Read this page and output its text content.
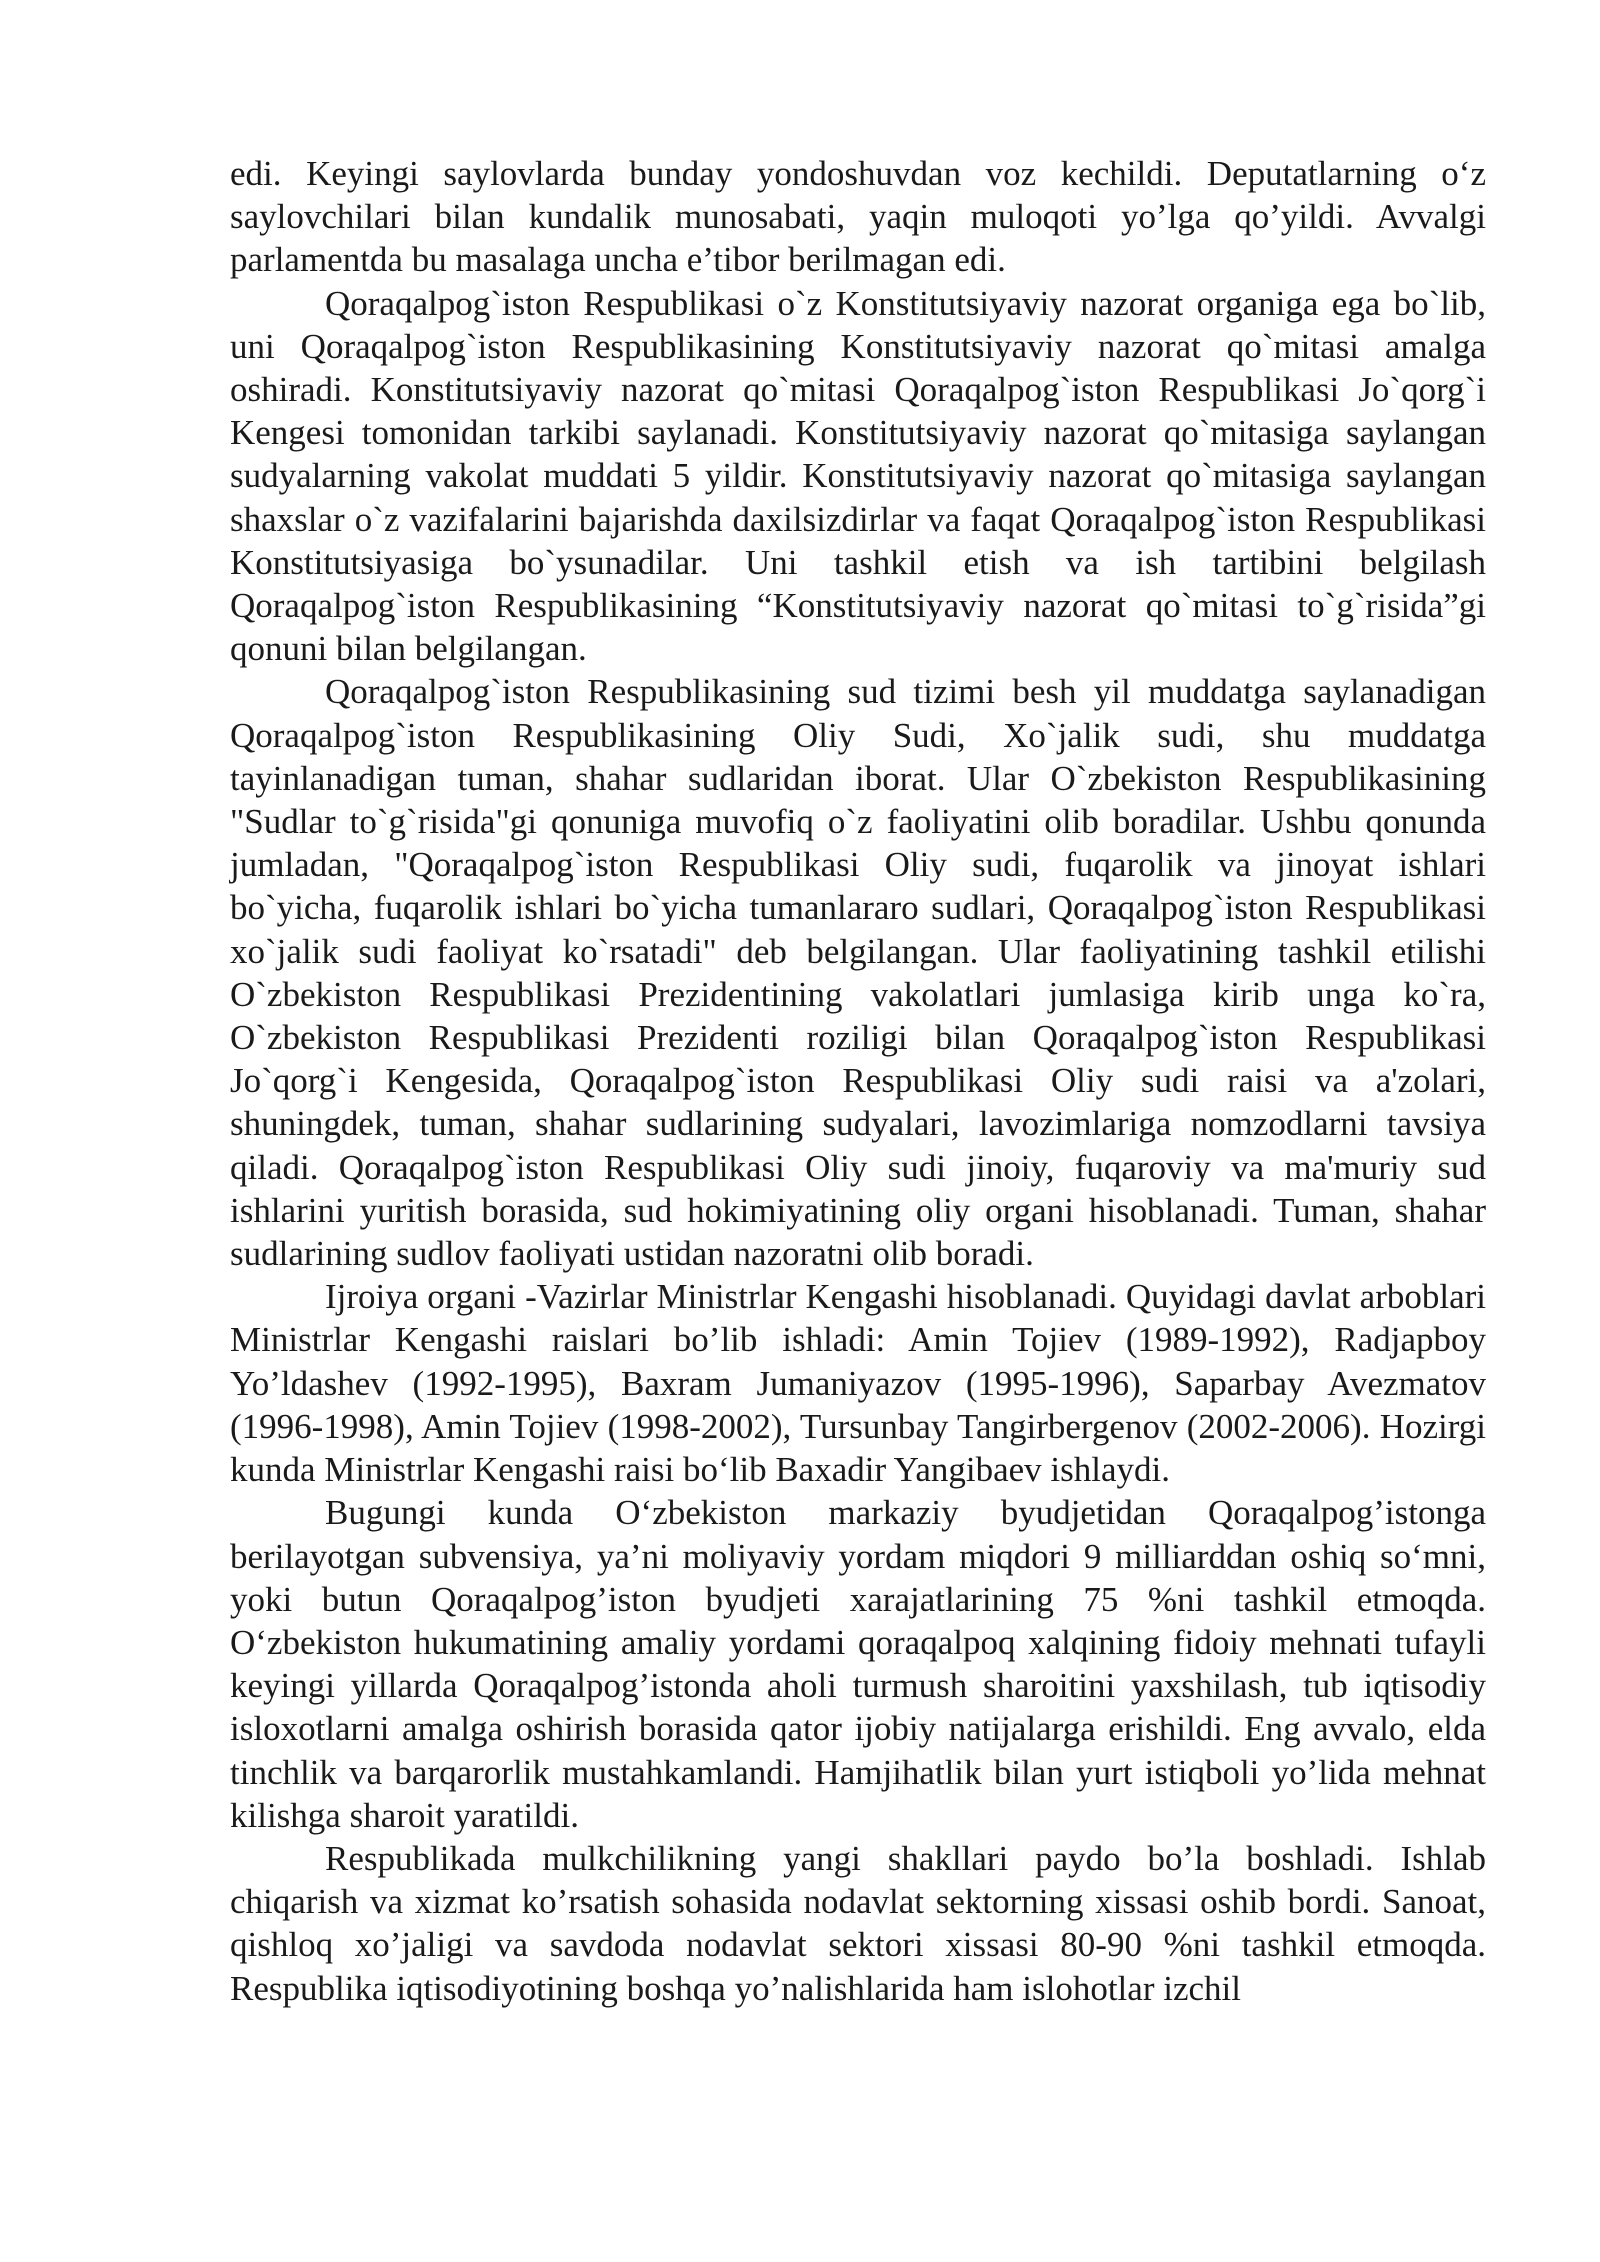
edi. Keyingi saylovlarda bunday yondoshuvdan voz kechildi. Deputatlarning o‘z saylovchilari bilan kundalik munosabati, yaqin muloqoti yo’lga qo’yildi. Avvalgi parlamentda bu masalaga uncha e’tibor berilmagan edi.

Qoraqalpog`iston Respublikasi o`z Konstitutsiyaviy nazorat organiga ega bo`lib, uni Qoraqalpog`iston Respublikasining Konstitutsiyaviy nazorat qo`mitasi amalga oshiradi. Konstitutsiyaviy nazorat qo`mitasi Qoraqalpog`iston Respublikasi Jo`qorg`i Kengesi tomonidan tarkibi saylanadi. Konstitutsiyaviy nazorat qo`mitasiga saylangan sudyalarning vakolat muddati 5 yildir. Konstitutsiyaviy nazorat qo`mitasiga saylangan shaxslar o`z vazifalarini bajarishda daxilsizdirlar va faqat Qoraqalpog`iston Respublikasi Konstitutsiyasiga bo`ysunadilar. Uni tashkil etish va ish tartibini belgilash Qoraqalpog`iston Respublikasining “Konstitutsiyaviy nazorat qo`mitasi to`g`risida”gi qonuni bilan belgilangan.

Qoraqalpog`iston Respublikasining sud tizimi besh yil muddatga saylanadigan Qoraqalpog`iston Respublikasining Oliy Sudi, Xo`jalik sudi, shu muddatga tayinlanadigan tuman, shahar sudlaridan iborat. Ular O`zbekiston Respublikasining "Sudlar to`g`risida"gi qonuniga muvofiq o`z faoliyatini olib boradilar. Ushbu qonunda jumladan, "Qoraqalpog`iston Respublikasi Oliy sudi, fuqarolik va jinoyat ishlari bo`yicha, fuqarolik ishlari bo`yicha tumanlararo sudlari, Qoraqalpog`iston Respublikasi xo`jalik sudi faoliyat ko`rsatadi" deb belgilangan. Ular faoliyatining tashkil etilishi O`zbekiston Respublikasi Prezidentining vakolatlari jumlasiga kirib unga ko`ra, O`zbekiston Respublikasi Prezidenti roziligi bilan Qoraqalpog`iston Respublikasi Jo`qorg`i Kengesida, Qoraqalpog`iston Respublikasi Oliy sudi raisi va a'zolari, shuningdek, tuman, shahar sudlarining sudyalari, lavozimlariga nomzodlarni tavsiya qiladi. Qoraqalpog`iston Respublikasi Oliy sudi jinoiy, fuqaroviy va ma'muriy sud ishlarini yuritish borasida, sud hokimiyatining oliy organi hisoblanadi. Tuman, shahar sudlarining sudlov faoliyati ustidan nazoratni olib boradi.

Ijroiya organi -Vazirlar Ministrlar Kengashi hisoblanadi. Quyidagi davlat arboblari Ministrlar Kengashi raislari bo’lib ishladi: Amin Tojiev (1989-1992), Radjapboy Yo’ldashev (1992-1995), Baxram Jumaniyazov (1995-1996), Saparbay Avezmatov (1996-1998), Amin Tojiev (1998-2002), Tursunbay Tangirbergenov (2002-2006). Hozirgi kunda Ministrlar Kengashi raisi bo‘lib Baxadir Yangibaev ishlaydi.

Bugungi kunda O‘zbekiston markaziy byudjetidan Qoraqalpog’istonga berilayotgan subvensiya, ya’ni moliyaviy yordam miqdori 9 milliarddan oshiq so‘mni, yoki butun Qoraqalpog’iston byudjeti xarajatlarining 75 %ni tashkil etmoqda. O‘zbekiston hukumatining amaliy yordami qoraqalpoq xalqining fidoiy mehnati tufayli keyingi yillarda Qoraqalpog’istonda aholi turmush sharoitini yaxshilash, tub iqtisodiy isloxotlarni amalga oshirish borasida qator ijobiy natijalarga erishildi. Eng avvalo, elda tinchlik va barqarorlik mustahkamlandi. Hamjihatlik bilan yurt istiqboli yo’lida mehnat kilishga sharoit yaratildi.

Respublikada mulkchilikning yangi shakllari paydo bo’la boshladi. Ishlab chiqarish va xizmat ko’rsatish sohasida nodavlat sektorning xissasi oshib bordi. Sanoat, qishloq xo’jaligi va savdoda nodavlat sektori xissasi 80-90 %ni tashkil etmoqda. Respublika iqtisodiyotining boshqa yo’nalishlarida ham islohotlar izchil
